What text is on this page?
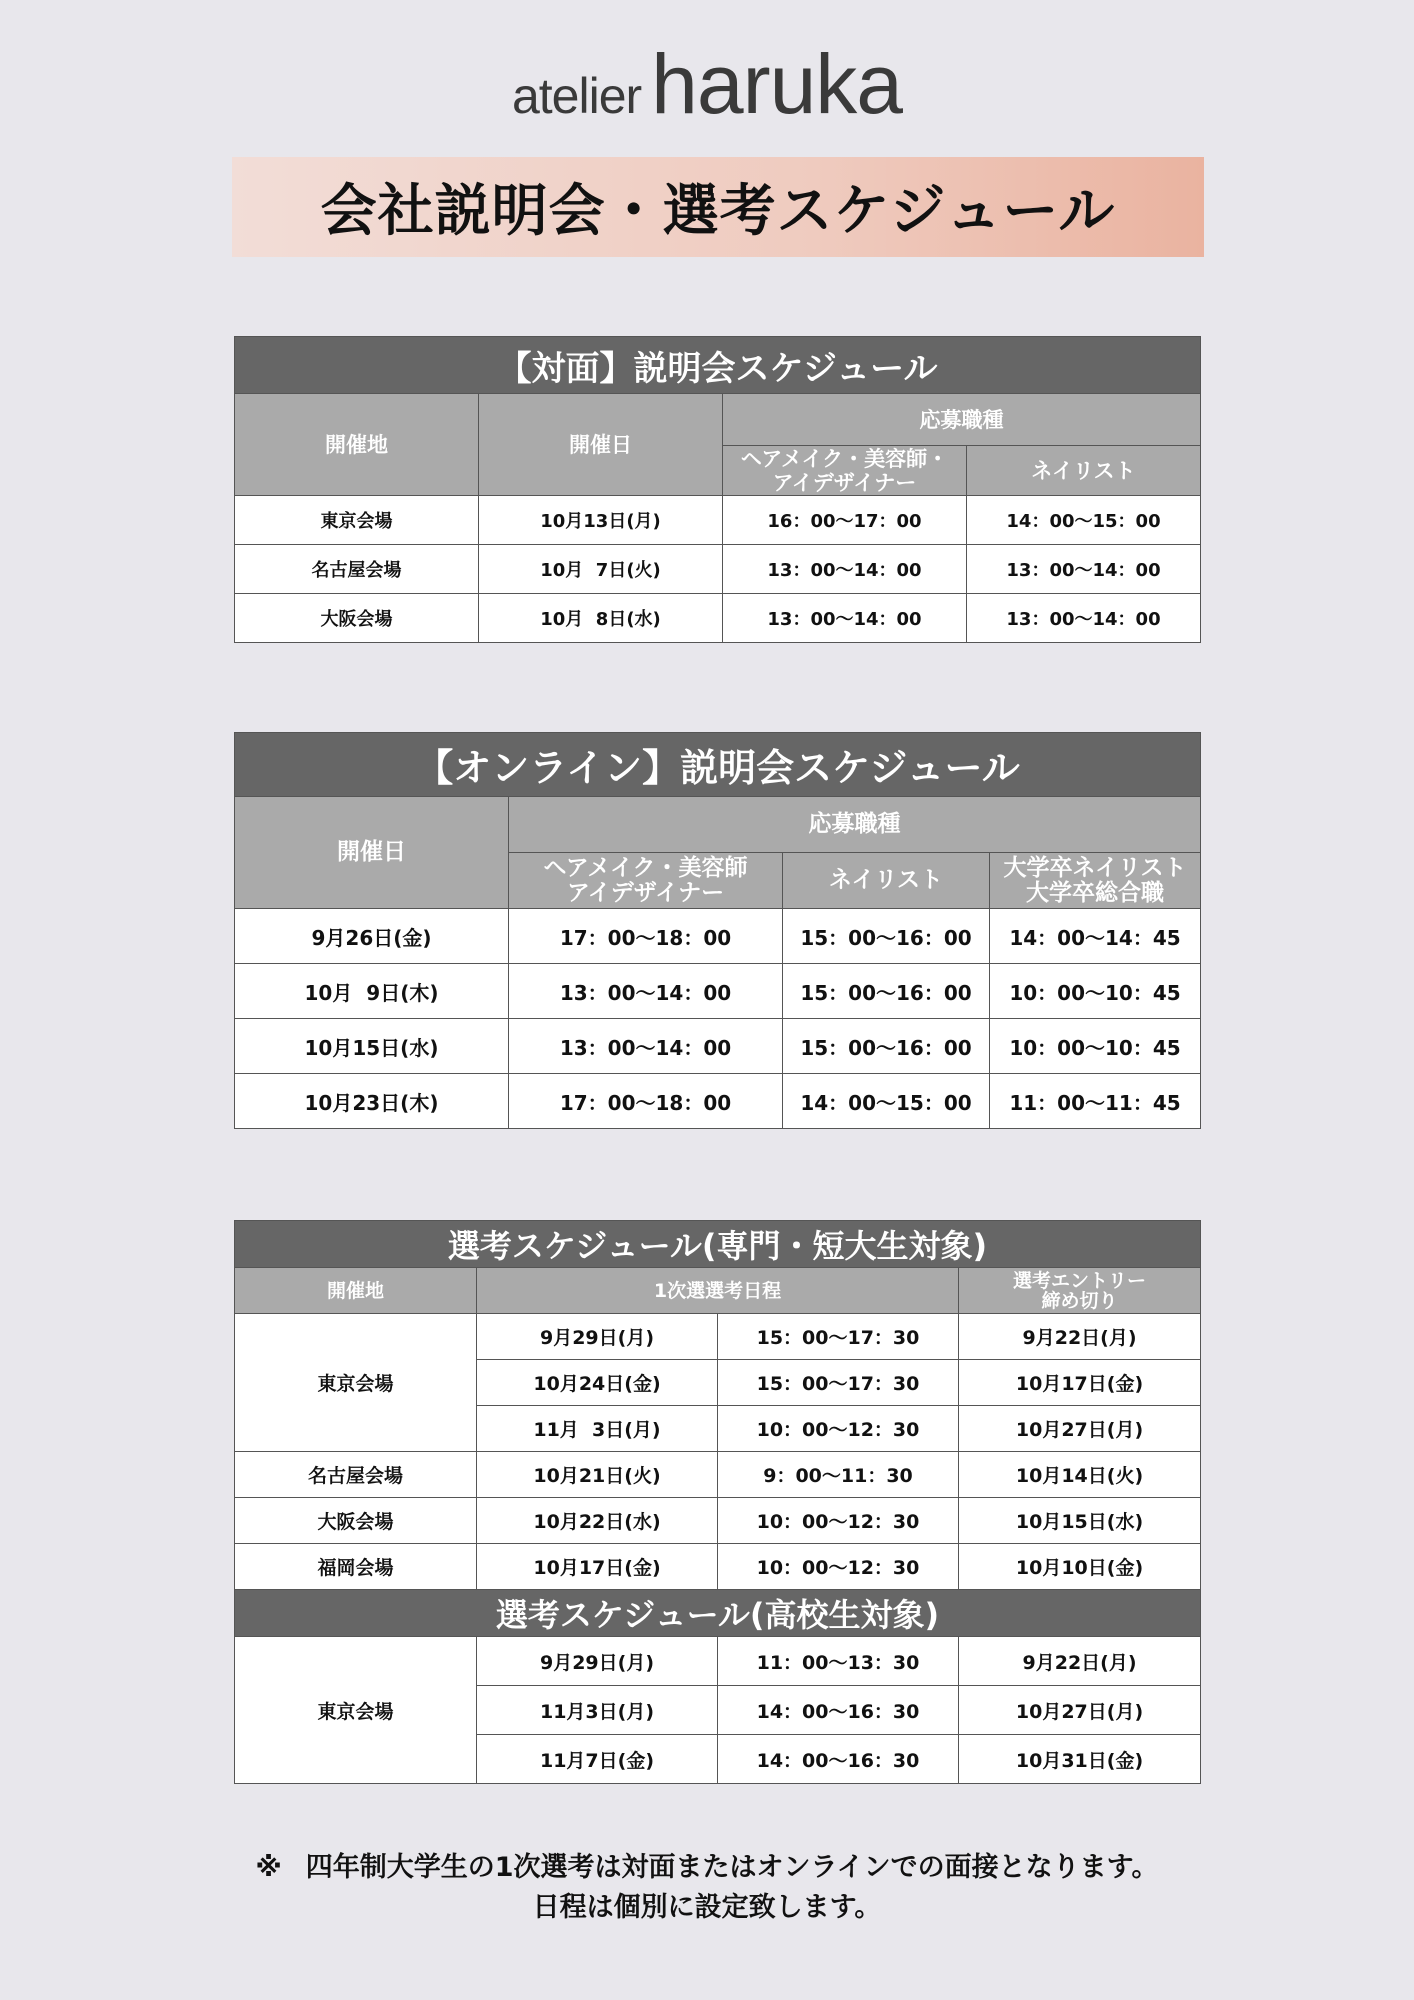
atelier haruka
会社説明会・選考スケジュール
【対面】説明会スケジュール			
開催地	開催日	応募職種	
		ヘアメイク・美容師・
アイデザイナー	ネイリスト
東京会場	10月13日(月)	16：00～17：00	14：00～15：00
名古屋会場	10月  7日(火)	13：00～14：00	13：00～14：00
大阪会場	10月  8日(水)	13：00～14：00	13：00～14：00
【オンライン】説明会スケジュール			
開催日	応募職種		
	ヘアメイク・美容師
アイデザイナー	ネイリスト	大学卒ネイリスト
大学卒総合職
9月26日(金)	17：00～18：00	15：00～16：00	14：00～14：45
10月  9日(木)	13：00～14：00	15：00～16：00	10：00～10：45
10月15日(水)	13：00～14：00	15：00～16：00	10：00～10：45
10月23日(木)	17：00～18：00	14：00～15：00	11：00～11：45
選考スケジュール(専門・短大生対象)			
開催地	1次選選考日程		選考エントリー
締め切り
東京会場	9月29日(月)	15：00～17：30	9月22日(月)
	10月24日(金)	15：00～17：30	10月17日(金)
	11月  3日(月)	10：00～12：30	10月27日(月)
名古屋会場	10月21日(火)	9：00～11：30	10月14日(火)
大阪会場	10月22日(水)	10：00～12：30	10月15日(水)
福岡会場	10月17日(金)	10：00～12：30	10月10日(金)
選考スケジュール(高校生対象)			
東京会場	9月29日(月)	11：00～13：30	9月22日(月)
	11月3日(月)	14：00～16：30	10月27日(月)
	11月7日(金)	14：00～16：30	10月31日(金)
※ 四年制大学生の1次選考は対面またはオンラインでの面接となります。
日程は個別に設定致します。
